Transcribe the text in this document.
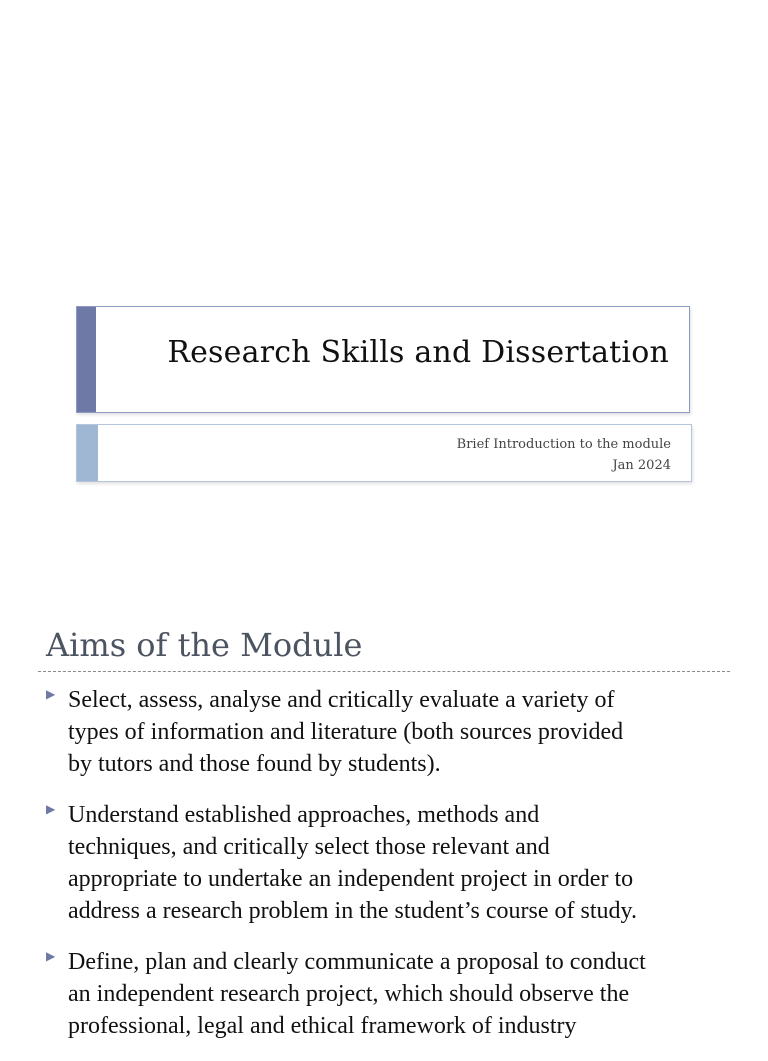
Research Skills and Dissertation
Brief Introduction to the module
Jan 2024
Aims of the Module
▶ Select, assess, analyse and critically evaluate a variety of
types of information and literature (both sources provided
by tutors and those found by students).
▶ Understand established approaches, methods and
techniques, and critically select those relevant and
appropriate to undertake an independent project in order to
address a research problem in the student’s course of study.
▶ Define, plan and clearly communicate a proposal to conduct
an independent research project, which should observe the
professional, legal and ethical framework of industry
